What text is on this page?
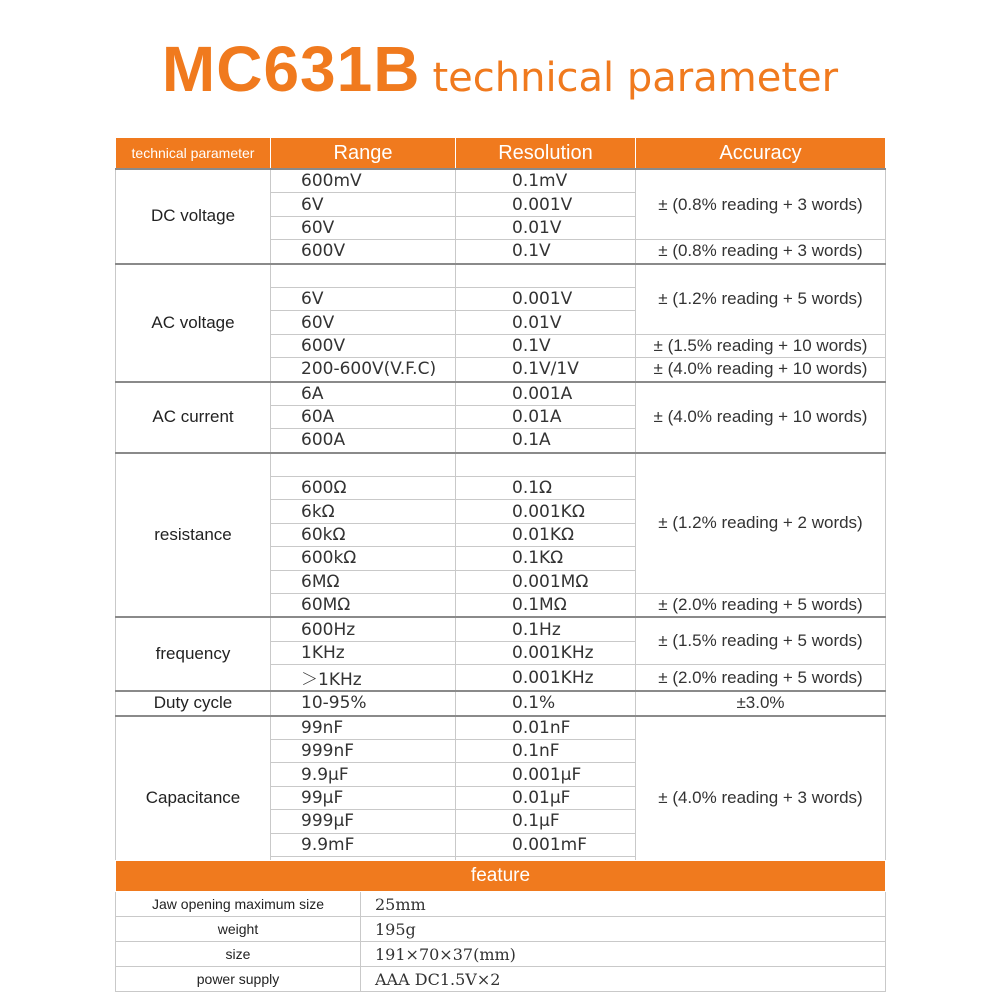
MC631B technical parameter
technical parameter	Range	Resolution	Accuracy
DC voltage	600mV	0.1mV	± (0.8% reading + 3 words)
	6V	0.001V	
	60V	0.01V	
	600V	0.1V	± (0.8% reading + 3 words)
AC voltage			± (1.2% reading + 5 words)
	6V	0.001V	
	60V	0.01V	
	600V	0.1V	± (1.5% reading + 10 words)
	200-600V(V.F.C)	0.1V/1V	± (4.0% reading + 10 words)
AC current	6A	0.001A	± (4.0% reading + 10 words)
	60A	0.01A	
	600A	0.1A	
resistance			± (1.2% reading + 2 words)
	600Ω	0.1Ω	
	6kΩ	0.001KΩ	
	60kΩ	0.01KΩ	
	600kΩ	0.1KΩ	
	6MΩ	0.001MΩ	
	60MΩ	0.1MΩ	± (2.0% reading + 5 words)
frequency	600Hz	0.1Hz	± (1.5% reading + 5 words)
	1KHz	0.001KHz	
	＞1KHz	0.001KHz	± (2.0% reading + 5 words)
Duty cycle	10-95%	0.1%	±3.0%
Capacitance	99nF	0.01nF	± (4.0% reading + 3 words)
	999nF	0.1nF	
	9.9μF	0.001μF	
	99μF	0.01μF	
	999μF	0.1μF	
	9.9mF	0.001mF	

feature	
Jaw opening maximum size	25mm
weight	195g
size	191×70×37(mm)
power supply	AAA DC1.5V×2
